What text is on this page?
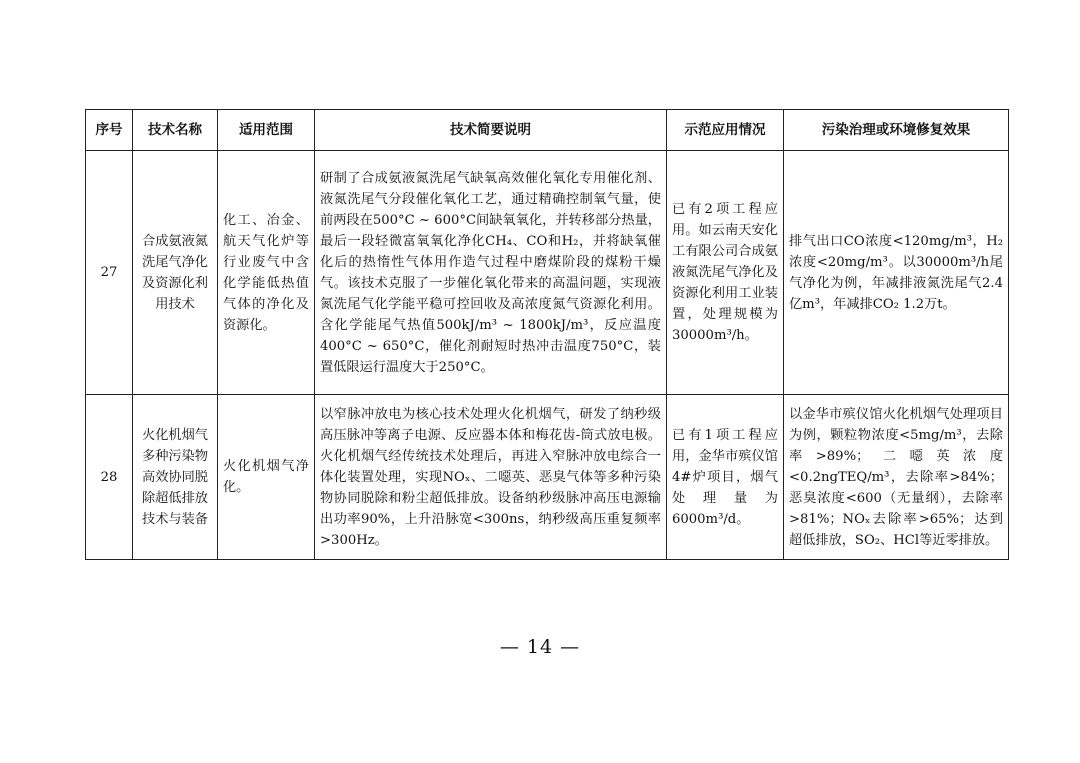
序号	技术名称	适用范围	技术简要说明	示范应用情况	污染治理或环境修复效果
27	合成氨液氮洗尾气净化及资源化利用技术	化工、冶金、航天气化炉等行业废气中含化学能低热值气体的净化及资源化。	研制了合成氨液氮洗尾气缺氧高效催化氧化专用催化剂、液氮洗尾气分段催化氧化工艺，通过精确控制氧气量，使前两段在500°C ~ 600°C间缺氧氧化，并转移部分热量，最后一段轻微富氧氧化净化CH₄、CO和H₂，并将缺氧催化后的热惰性气体用作造气过程中磨煤阶段的煤粉干燥气。该技术克服了一步催化氧化带来的高温问题，实现液氮洗尾气化学能平稳可控回收及高浓度氮气资源化利用。含化学能尾气热值500kJ/m³ ~ 1800kJ/m³，反应温度400°C ~ 650°C，催化剂耐短时热冲击温度750°C，装置低限运行温度大于250°C。	已有2项工程应用。如云南天安化工有限公司合成氨液氮洗尾气净化及资源化利用工业装置，处理规模为30000m³/h。	排气出口CO浓度<120mg/m³，H₂浓度<20mg/m³。以30000m³/h尾气净化为例，年减排液氮洗尾气2.4亿m³，年减排CO₂ 1.2万t。
28	火化机烟气多种污染物高效协同脱除超低排放技术与装备	火化机烟气净化。	以窄脉冲放电为核心技术处理火化机烟气，研发了纳秒级高压脉冲等离子电源、反应器本体和梅花齿-筒式放电极。火化机烟气经传统技术处理后，再进入窄脉冲放电综合一体化装置处理，实现NOₓ、二噁英、恶臭气体等多种污染物协同脱除和粉尘超低排放。设备纳秒级脉冲高压电源输出功率90%，上升沿脉宽<300ns，纳秒级高压重复频率>300Hz。	已有1项工程应用，金华市殡仪馆4#炉项目，烟气处理量为6000m³/d。	以金华市殡仪馆火化机烟气处理项目为例，颗粒物浓度<5mg/m³，去除率>89%；二噁英浓度<0.2ngTEQ/m³，去除率>84%；恶臭浓度<600（无量纲），去除率>81%；NOₓ去除率>65%；达到超低排放，SO₂、HCl等近零排放。
— 14 —
